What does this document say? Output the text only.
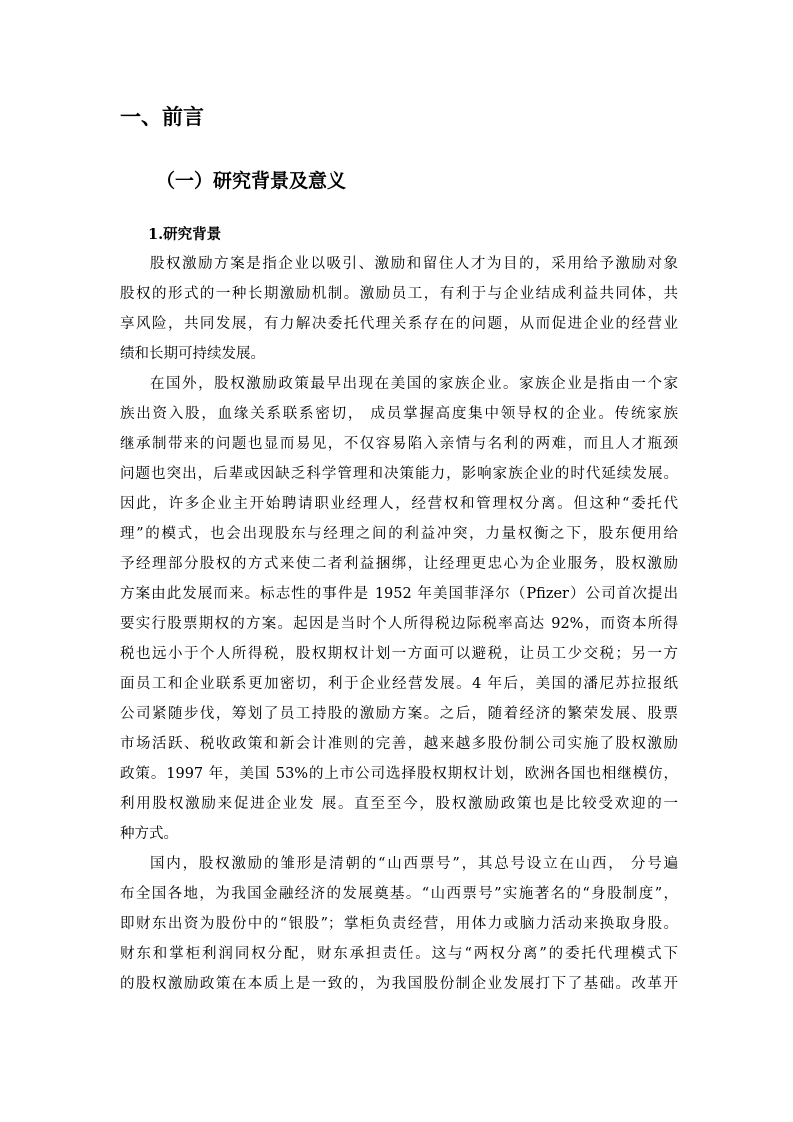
一、前言
（一）研究背景及意义
1.研究背景

股权激励方案是指企业以吸引、激励和留住人才为目的，采用给予激励对象
股权的形式的一种长期激励机制。激励员工，有利于与企业结成利益共同体，共
享风险，共同发展，有力解决委托代理关系存在的问题，从而促进企业的经营业
绩和长期可持续发展。

在国外，股权激励政策最早出现在美国的家族企业。家族企业是指由一个家
族出资入股，血缘关系联系密切， 成员掌握高度集中领导权的企业。传统家族
继承制带来的问题也显而易见，不仅容易陷入亲情与名利的两难，而且人才瓶颈
问题也突出，后辈或因缺乏科学管理和决策能力，影响家族企业的时代延续发展。
因此，许多企业主开始聘请职业经理人，经营权和管理权分离。但这种“委托代
理”的模式，也会出现股东与经理之间的利益冲突，力量权衡之下，股东便用给
予经理部分股权的方式来使二者利益捆绑，让经理更忠心为企业服务，股权激励
方案由此发展而来。标志性的事件是 1952 年美国菲泽尔（Pfizer）公司首次提出
要实行股票期权的方案。起因是当时个人所得税边际税率高达 92%，而资本所得
税也远小于个人所得税，股权期权计划一方面可以避税，让员工少交税；另一方
面员工和企业联系更加密切，利于企业经营发展。4 年后，美国的潘尼苏拉报纸
公司紧随步伐，筹划了员工持股的激励方案。之后，随着经济的繁荣发展、股票
市场活跃、税收政策和新会计准则的完善，越来越多股份制公司实施了股权激励
政策。1997 年，美国 53%的上市公司选择股权期权计划，欧洲各国也相继模仿，
利用股权激励来促进企业发 展。直至至今，股权激励政策也是比较受欢迎的一
种方式。

国内，股权激励的雏形是清朝的“山西票号”，其总号设立在山西， 分号遍
布全国各地，为我国金融经济的发展奠基。“山西票号”实施著名的“身股制度”，
即财东出资为股份中的“银股”；掌柜负责经营，用体力或脑力活动来换取身股。
财东和掌柜利润同权分配，财东承担责任。这与“两权分离”的委托代理模式下
的股权激励政策在本质上是一致的，为我国股份制企业发展打下了基础。改革开
